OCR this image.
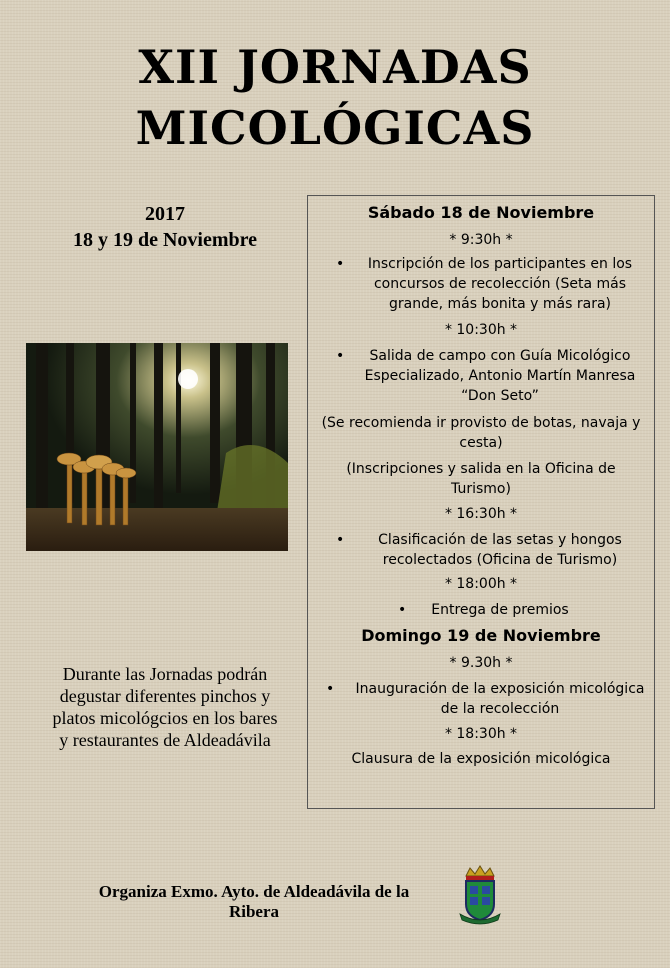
XII JORNADAS
MICOLÓGICAS
2017
18 y 19 de Noviembre
Durante las Jornadas podrán
degustar diferentes pinchos y
platos micológcios en los bares
y restaurantes de Aldeadávila
Sábado 18 de Noviembre
* 9:30h *
•	Inscripción de los participantes en los
concursos de recolección (Seta más
grande, más bonita y más rara)
* 10:30h *
•	Salida de campo con Guía Micológico
Especializado, Antonio Martín Manresa
“Don Seto”
(Se recomienda ir provisto de botas, navaja y
cesta)
(Inscripciones y salida en la Oficina de
Turismo)
* 16:30h *
•	Clasificación de las setas y hongos
recolectados (Oficina de Turismo)
* 18:00h *
•	Entrega de premios
Domingo 19 de Noviembre
* 9.30h *
• Inauguración de la exposición micológica
de la recolección
* 18:30h *
Clausura de la exposición micológica
Organiza Exmo. Ayto. de Aldeadávila de la
Ribera
